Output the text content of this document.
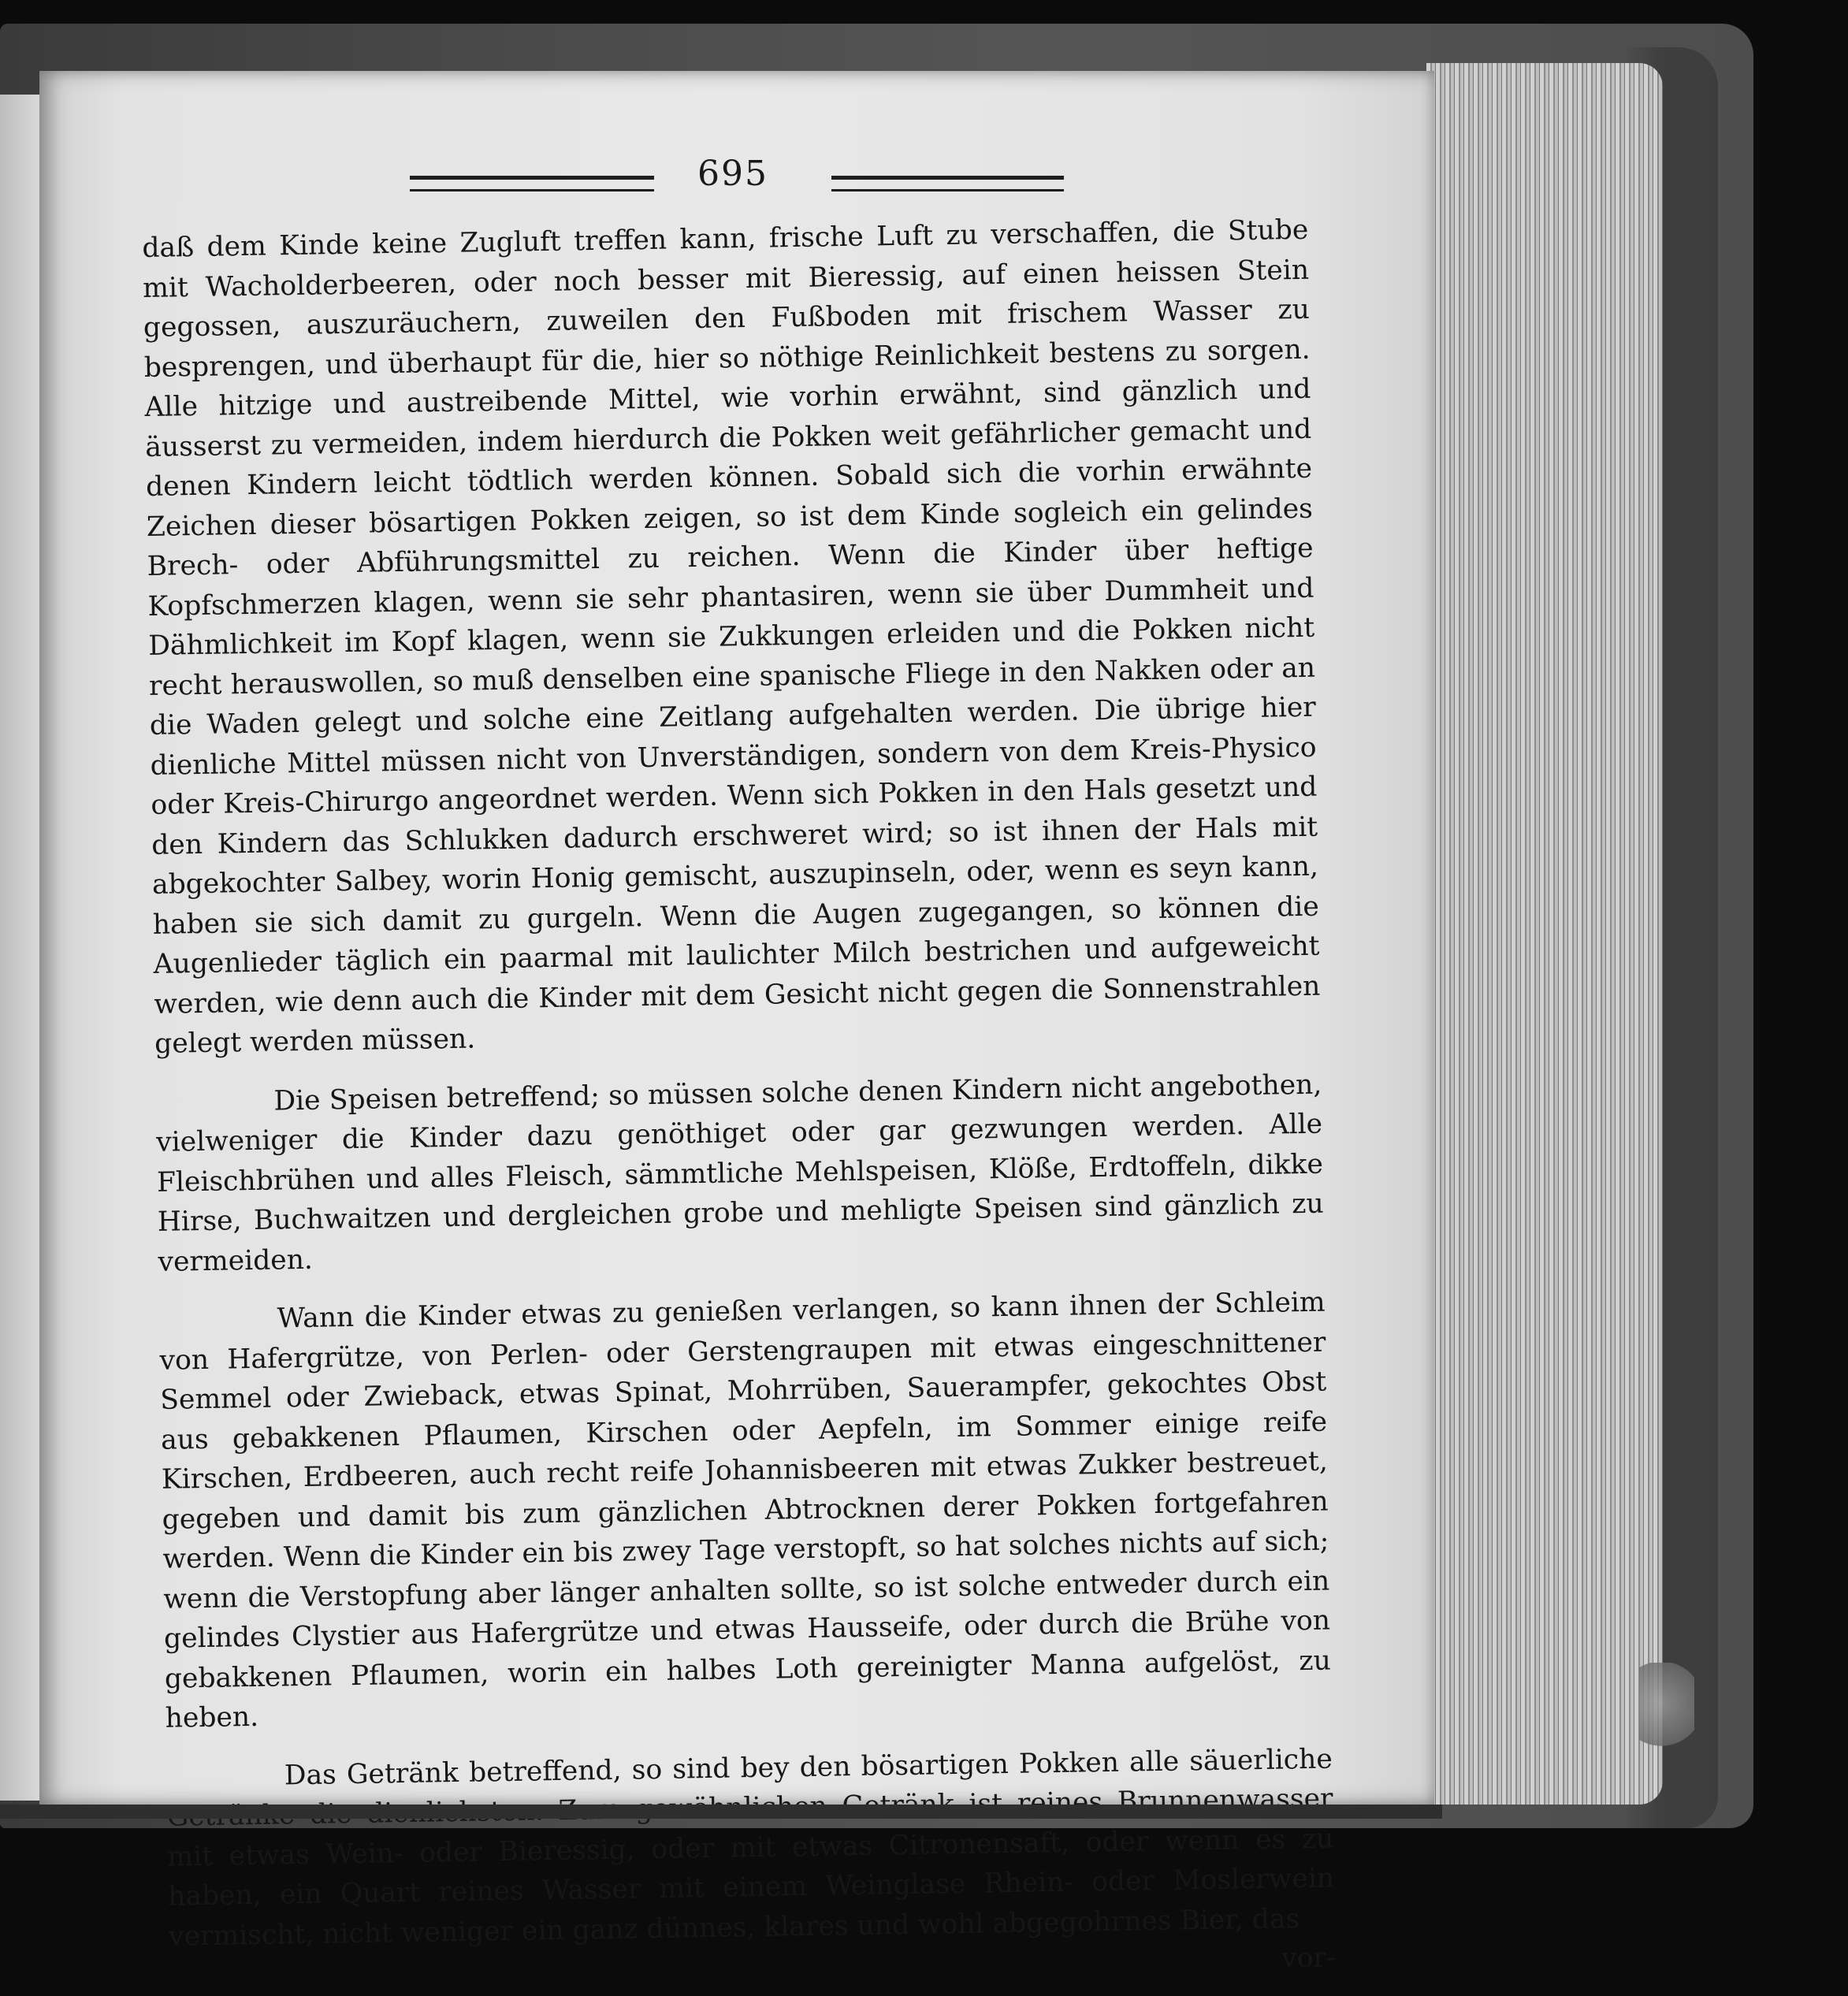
695

daß dem Kinde keine Zugluft treffen kann, frische Luft zu verschaffen, die Stube mit Wacholderbeeren, oder noch besser mit Bieressig, auf einen heissen Stein gegossen, auszuräuchern, zuweilen den Fußboden mit frischem Wasser zu besprengen, und überhaupt für die, hier so nöthige Reinlichkeit bestens zu sorgen. Alle hitzige und austreibende Mittel, wie vorhin erwähnt, sind gänzlich und äusserst zu vermeiden, indem hierdurch die Pokken weit gefährlicher gemacht und denen Kindern leicht tödtlich werden können. Sobald sich die vorhin erwähnte Zeichen dieser bösartigen Pokken zeigen, so ist dem Kinde sogleich ein gelindes Brech- oder Abführungsmittel zu reichen. Wenn die Kinder über heftige Kopfschmerzen klagen, wenn sie sehr phantasiren, wenn sie über Dummheit und Dähmlichkeit im Kopf klagen, wenn sie Zukkungen erleiden und die Pokken nicht recht herauswollen, so muß denselben eine spanische Fliege in den Nakken oder an die Waden gelegt und solche eine Zeitlang aufgehalten werden. Die übrige hier dienliche Mittel müssen nicht von Unverständigen, sondern von dem Kreis-Physico oder Kreis-Chirurgo angeordnet werden. Wenn sich Pokken in den Hals gesetzt und den Kindern das Schlukken dadurch erschweret wird; so ist ihnen der Hals mit abgekochter Salbey, worin Honig gemischt, auszupinseln, oder, wenn es seyn kann, haben sie sich damit zu gurgeln. Wenn die Augen zugegangen, so können die Augenlieder täglich ein paarmal mit laulichter Milch bestrichen und aufgeweicht werden, wie denn auch die Kinder mit dem Gesicht nicht gegen die Sonnenstrahlen gelegt werden müssen.

Die Speisen betreffend; so müssen solche denen Kindern nicht angebothen, vielweniger die Kinder dazu genöthiget oder gar gezwungen werden. Alle Fleischbrühen und alles Fleisch, sämmtliche Mehlspeisen, Klöße, Erdtoffeln, dikke Hirse, Buchwaitzen und dergleichen grobe und mehligte Speisen sind gänzlich zu vermeiden.

Wann die Kinder etwas zu genießen verlangen, so kann ihnen der Schleim von Hafergrütze, von Perlen- oder Gerstengraupen mit etwas eingeschnittener Semmel oder Zwieback, etwas Spinat, Mohrrüben, Sauerampfer, gekochtes Obst aus gebakkenen Pflaumen, Kirschen oder Aepfeln, im Sommer einige reife Kirschen, Erdbeeren, auch recht reife Johannisbeeren mit etwas Zukker bestreuet, gegeben und damit bis zum gänzlichen Abtrocknen derer Pokken fortgefahren werden. Wenn die Kinder ein bis zwey Tage verstopft, so hat solches nichts auf sich; wenn die Verstopfung aber länger anhalten sollte, so ist solche entweder durch ein gelindes Clystier aus Hafergrütze und etwas Hausseife, oder durch die Brühe von gebakkenen Pflaumen, worin ein halbes Loth gereinigter Manna aufgelöst, zu heben.

Das Getränk betreffend, so sind bey den bösartigen Pokken alle säuerliche reines Brunnenwasser mit etwas Wein- oder Bieressig, oder mit etwas Citronensaft, oder wenn es zu haben, ein Quart reines Wasser mit einem Weinglase Rhein- oder Moslerwein vermischt, nicht weniger ein ganz dünnes, klares und wohl abgegohrnes Bier, das

vor-
